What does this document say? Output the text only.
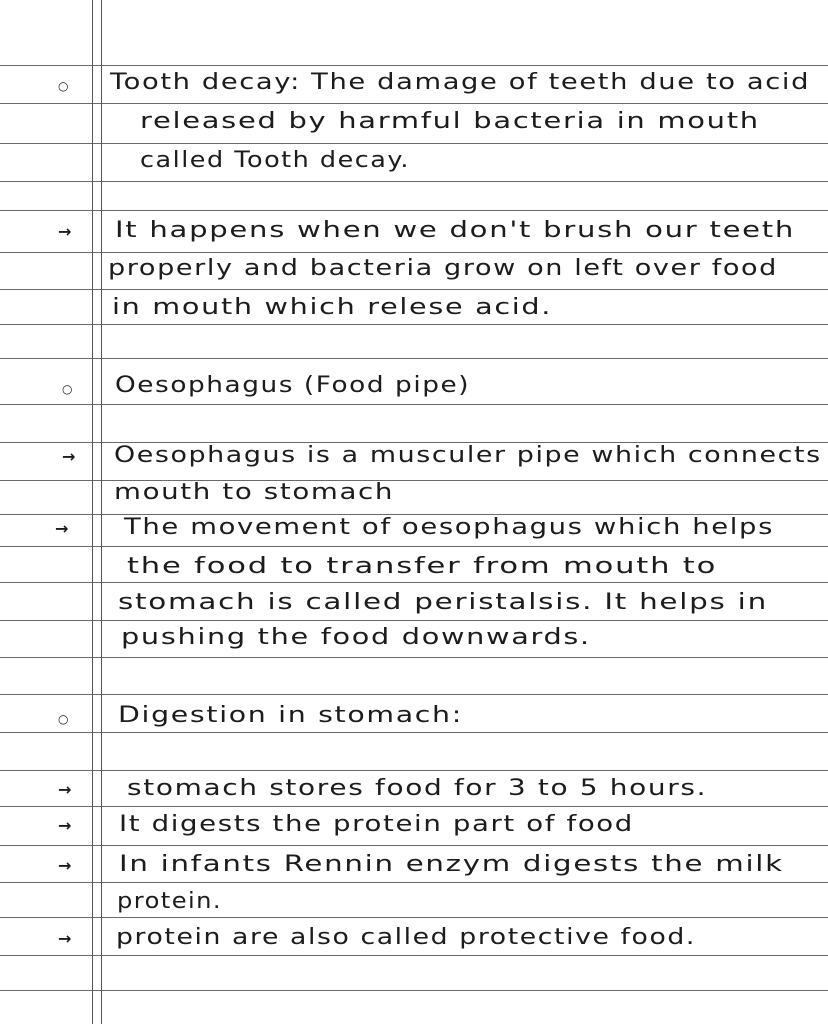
○ Tooth decay: The damage of teeth due to acid
released by harmful bacteria in mouth
called Tooth decay.
→ It happens when we don't brush our teeth
properly and bacteria grow on left over food
in mouth which relese acid.
○ Oesophagus (Food pipe)
→ Oesophagus is a musculer pipe which connects
mouth to stomach
→	The movement of oesophagus which helps
the food to transfer from mouth to
stomach is called peristalsis. It helps in
pushing the food downwards.
○ Digestion in stomach:
→	stomach stores food for 3 to 5 hours.
→ It digests the protein part of food
→ In infants Rennin enzym digests the milk
protein.
→ protein are also called protective food.
